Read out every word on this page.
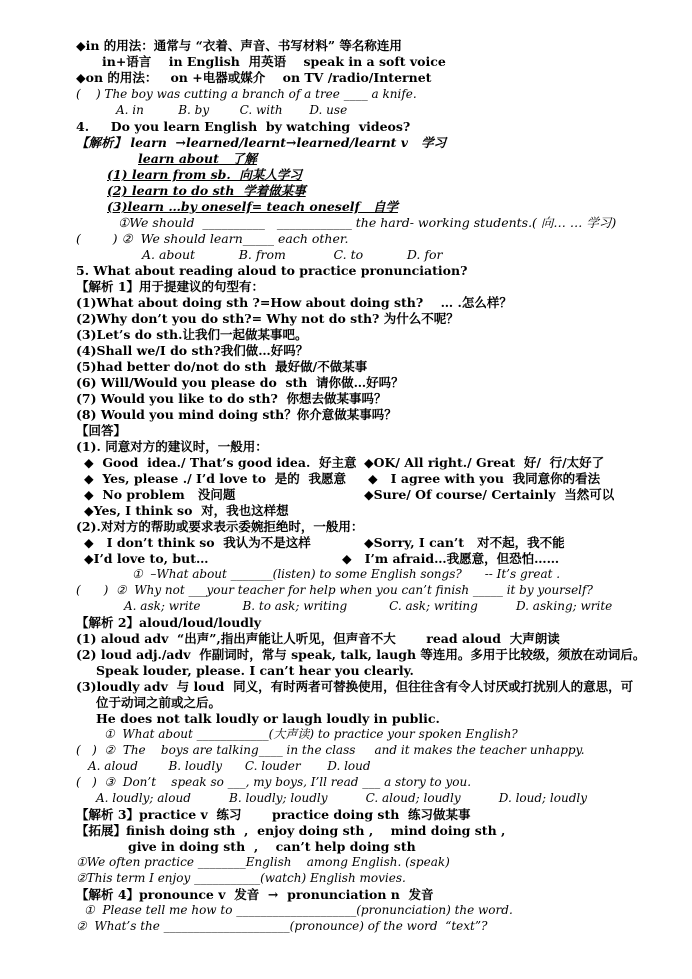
◆in 的用法：通常与 “衣着、声音、书写材料” 等名称连用
in+语言    in English  用英语    speak in a soft voice
◆on 的用法：   on +电器或媒介    on TV /radio/Internet
(    ) The boy was cutting a branch of a tree ____ a knife.
A. in         B. by        C. with       D. use
4.     Do you learn English  by watching  videos?
【解析】 learn  →learned/learnt→learned/learnt v   学习
learn about   了解
(1) learn from sb.  向某人学习
(2) learn to do sth  学着做某事
(3)learn …by oneself= teach oneself   自学
①We should  __________   ____________ the hard- working students.( 向… … 学习)
(        ) ②  We should learn_____ each other.
A. about           B. from            C. to           D. for
5. What about reading aloud to practice pronunciation?
【解析 1】用于提建议的句型有：
(1)What about doing sth ?=How about doing sth?    … .怎么样？
(2)Why don’t you do sth?= Why not do sth? 为什么不呢？
(3)Let’s do sth.让我们一起做某事吧。
(4)Shall we/I do sth?我们做…好吗？
(5)had better do/not do sth  最好做/不做某事
(6) Will/Would you please do  sth  请你做…好吗？
(7) Would you like to do sth?  你想去做某事吗？
(8) Would you mind doing sth？你介意做某事吗？
【回答】
(1). 同意对方的建议时，一般用：
◆  Good  idea./ That’s good idea.  好主意
◆  Yes, please ./ I’d love to  是的  我愿意
◆  No problem   没问题
◆Yes, I think so  对，我也这样想
(2).对对方的帮助或要求表示委婉拒绝时，一般用：
◆   I don’t think so  我认为不是这样
◆I’d love to, but…
①  –What about _______(listen) to some English songs?      -- It’s great .
(      )  ②  Why not ___your teacher for help when you can’t finish _____ it by yourself?
A. ask; write           B. to ask; writing           C. ask; writing          D. asking; write
【解析 2】aloud/loud/loudly
(1) aloud adv  “出声”,指出声能让人听见，但声音不大       read aloud  大声朗读
(2) loud adj./adv  作副词时，常与 speak, talk, laugh 等连用。多用于比较级，须放在动词后。
Speak louder, please. I can’t hear you clearly.
(3)loudly adv  与 loud  同义，有时两者可替换使用，但往往含有令人讨厌或打扰别人的意思，可
位于动词之前或之后。
He does not talk loudly or laugh loudly in public.
①  What about ____________(大声读) to practice your spoken English?
(   )  ②  The    boys are talking____ in the class     and it makes the teacher unhappy.
A. aloud        B. loudly      C. louder       D. loud
(   )  ③  Don’t    speak so ___, my boys, I’ll read ___ a story to you.
A. loudly; aloud          B. loudly; loudly          C. aloud; loudly          D. loud; loudly
【解析 3】practice v  练习       practice doing sth  练习做某事
【拓展】finish doing sth  ,  enjoy doing sth ,    mind doing sth ,
give in doing sth  ,    can’t help doing sth
①We often practice ________English    among English. (speak)
②This term I enjoy ___________(watch) English movies.
【解析 4】pronounce v  发音  →  pronunciation n  发音
①  Please tell me how to ____________________(pronunciation) the word.
②  What’s the _____________________(pronounce) of the word  “text”?
◆OK/ All right./ Great  好/  行/太好了
◆   I agree with you  我同意你的看法
◆Sure/ Of course/ Certainly  当然可以
◆Sorry, I can’t   对不起，我不能
◆   I’m afraid…我愿意，但恐怕……
